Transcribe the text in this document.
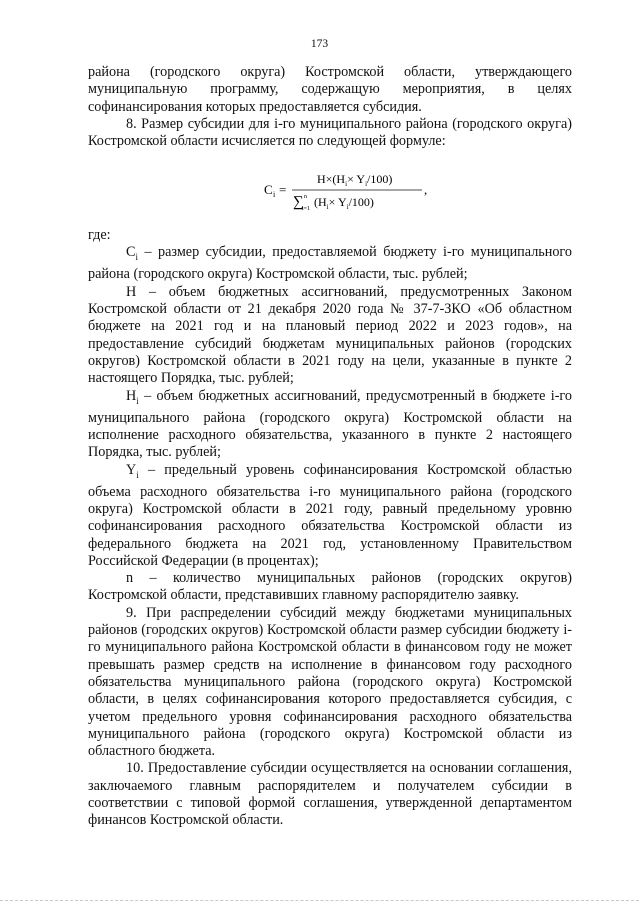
173

района (городского округа) Костромской области, утверждающего муниципальную программу, содержащую мероприятия, в целях софинансирования которых предоставляется субсидия.

8. Размер субсидии для i-го муниципального района (городского округа) Костромской области исчисляется по следующей формуле:

C i =
$H\times(H_i\times Y_i/100)$
∑ n
i=1 $(H_i\times Y_i/100)$
,

где:

$C_i$ – размер субсидии, предоставляемой бюджету i-го муниципального района (городского округа) Костромской области, тыс. рублей;

H – объем бюджетных ассигнований, предусмотренных Законом Костромской области от 21 декабря 2020 года № 37-7-ЗКО «Об областном бюджете на 2021 год и на плановый период 2022 и 2023 годов», на предоставление субсидий бюджетам муниципальных районов (городских округов) Костромской области в 2021 году на цели, указанные в пункте 2 настоящего Порядка, тыс. рублей;

$H_i$ – объем бюджетных ассигнований, предусмотренный в бюджете i-го муниципального района (городского округа) Костромской области на исполнение расходного обязательства, указанного в пункте 2 настоящего Порядка, тыс. рублей;

$Y_i$ – предельный уровень софинансирования Костромской областью объема расходного обязательства i-го муниципального района (городского округа) Костромской области в 2021 году, равный предельному уровню софинансирования расходного обязательства Костромской области из федерального бюджета на 2021 год, установленному Правительством Российской Федерации (в процентах);

n – количество муниципальных районов (городских округов) Костромской области, представивших главному распорядителю заявку.

9. При распределении субсидий между бюджетами муниципальных районов (городских округов) Костромской области размер субсидии бюджету i-го муниципального района Костромской области в финансовом году не может превышать размер средств на исполнение в финансовом году расходного обязательства муниципального района (городского округа) Костромской области, в целях софинансирования которого предоставляется субсидия, с учетом предельного уровня софинансирования расходного обязательства муниципального района (городского округа) Костромской области из областного бюджета.

10. Предоставление субсидии осуществляется на основании соглашения, заключаемого главным распорядителем и получателем субсидии в соответствии с типовой формой соглашения, утвержденной департаментом финансов Костромской области.
